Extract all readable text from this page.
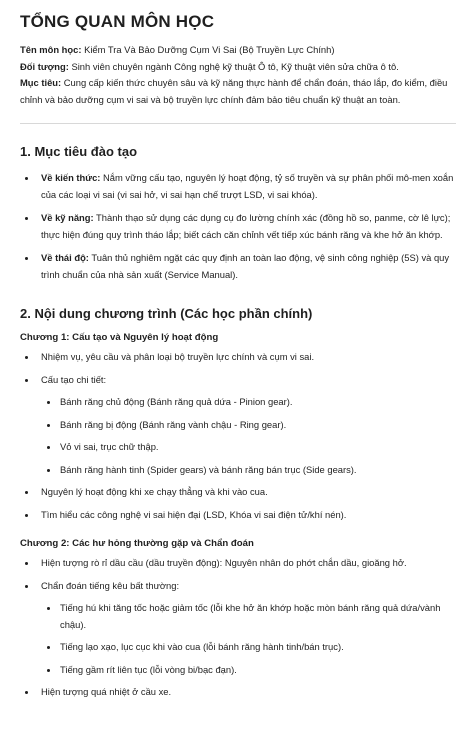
TỔNG QUAN MÔN HỌC

Tên môn học: Kiểm Tra Và Bảo Dưỡng Cụm Vi Sai (Bộ Truyền Lực Chính)

Đối tượng: Sinh viên chuyên ngành Công nghệ kỹ thuật Ô tô, Kỹ thuật viên sửa chữa ô tô.

Mục tiêu: Cung cấp kiến thức chuyên sâu và kỹ năng thực hành để chẩn đoán, tháo lắp, đo kiểm, điều chỉnh và bảo dưỡng cụm vi sai và bộ truyền lực chính đảm bảo tiêu chuẩn kỹ thuật an toàn.

1. Mục tiêu đào tạo
Về kiến thức: Nắm vững cấu tạo, nguyên lý hoạt động, tỷ số truyền và sự phân phối mô-men xoắn của các loại vi sai (vi sai hở, vi sai hạn chế trượt LSD, vi sai khóa).
Về kỹ năng: Thành thạo sử dụng các dụng cụ đo lường chính xác (đồng hồ so, panme, cờ lê lực); thực hiện đúng quy trình tháo lắp; biết cách căn chỉnh vết tiếp xúc bánh răng và khe hở ăn khớp.
Về thái độ: Tuân thủ nghiêm ngặt các quy định an toàn lao động, vệ sinh công nghiệp (5S) và quy trình chuẩn của nhà sản xuất (Service Manual).
2. Nội dung chương trình (Các học phần chính)
Chương 1: Cấu tạo và Nguyên lý hoạt động
Nhiệm vụ, yêu cầu và phân loại bộ truyền lực chính và cụm vi sai.
Cấu tạo chi tiết:
Bánh răng chủ động (Bánh răng quả dứa - Pinion gear).
Bánh răng bị động (Bánh răng vành chậu - Ring gear).
Vỏ vi sai, trục chữ thập.
Bánh răng hành tinh (Spider gears) và bánh răng bán trục (Side gears).
Nguyên lý hoạt động khi xe chạy thẳng và khi vào cua.
Tìm hiểu các công nghệ vi sai hiện đại (LSD, Khóa vi sai điện tử/khí nén).
Chương 2: Các hư hỏng thường gặp và Chẩn đoán
Hiện tượng rò rỉ dầu cầu (dầu truyền động): Nguyên nhân do phớt chắn dầu, gioăng hở.
Chẩn đoán tiếng kêu bất thường:
Tiếng hú khi tăng tốc hoặc giảm tốc (lỗi khe hở ăn khớp hoặc mòn bánh răng quả dứa/vành chậu).
Tiếng lạo xạo, lục cục khi vào cua (lỗi bánh răng hành tinh/bán trục).
Tiếng gầm rít liên tục (lỗi vòng bi/bạc đạn).
Hiện tượng quá nhiệt ở cầu xe.
